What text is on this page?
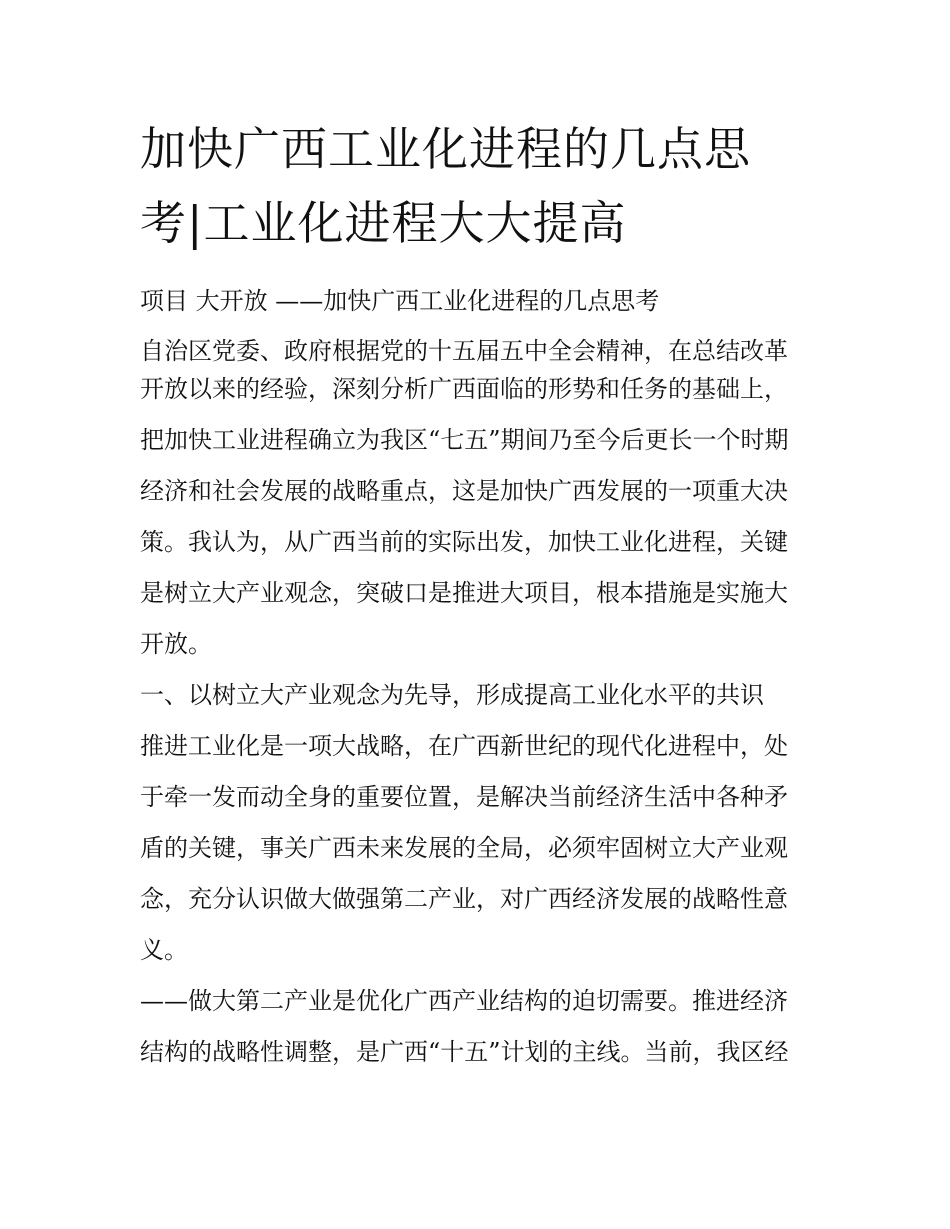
加快广西工业化进程的几点思
考|工业化进程大大提高
项目 大开放 ——加快广西工业化进程的几点思考
自治区党委、政府根据党的十五届五中全会精神，在总结改革
开放以来的经验，深刻分析广西面临的形势和任务的基础上，
把加快工业进程确立为我区“七五”期间乃至今后更长一个时期
经济和社会发展的战略重点，这是加快广西发展的一项重大决
策。我认为，从广西当前的实际出发，加快工业化进程，关键
是树立大产业观念，突破口是推进大项目，根本措施是实施大
开放。
一、以树立大产业观念为先导，形成提高工业化水平的共识
推进工业化是一项大战略，在广西新世纪的现代化进程中，处
于牵一发而动全身的重要位置，是解决当前经济生活中各种矛
盾的关键，事关广西未来发展的全局，必须牢固树立大产业观
念，充分认识做大做强第二产业，对广西经济发展的战略性意
义。
——做大第二产业是优化广西产业结构的迫切需要。推进经济
结构的战略性调整，是广西“十五”计划的主线。当前，我区经
